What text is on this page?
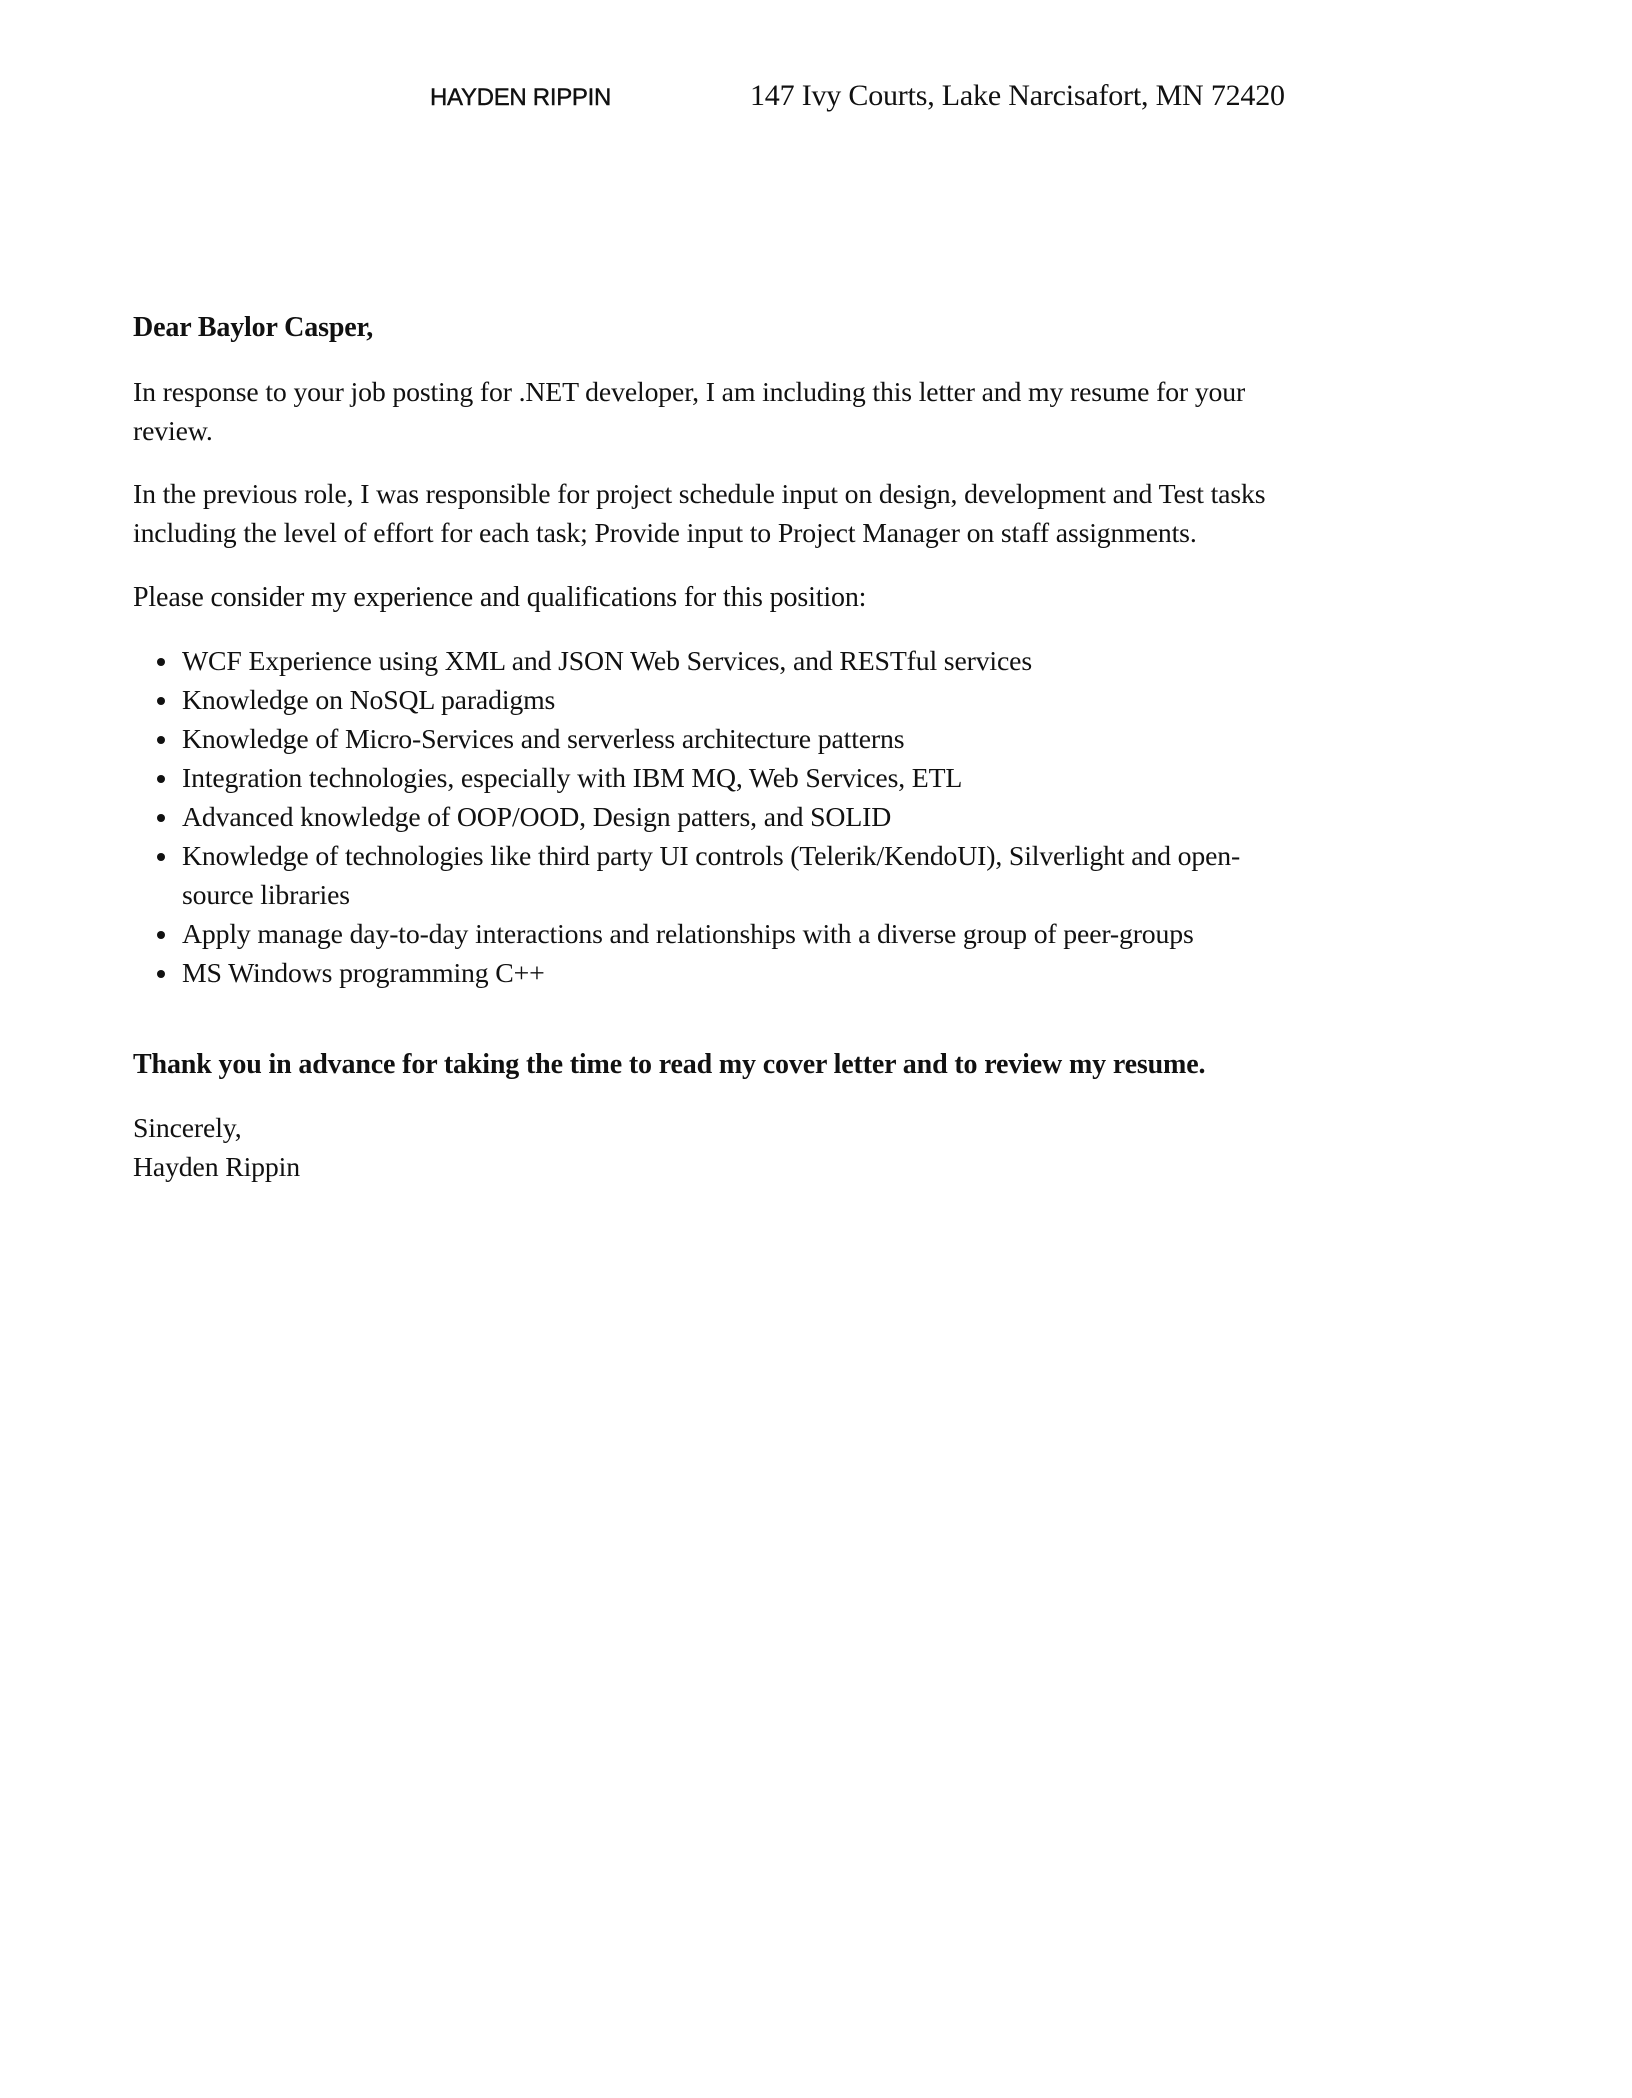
HAYDEN RIPPIN	147 Ivy Courts, Lake Narcisafort, MN 72420
Dear Baylor Casper,
In response to your job posting for .NET developer, I am including this letter and my resume for your
review.
In the previous role, I was responsible for project schedule input on design, development and Test tasks
including the level of effort for each task; Provide input to Project Manager on staff assignments.
Please consider my experience and qualifications for this position:
WCF Experience using XML and JSON Web Services, and RESTful services
Knowledge on NoSQL paradigms
Knowledge of Micro-Services and serverless architecture patterns
Integration technologies, especially with IBM MQ, Web Services, ETL
Advanced knowledge of OOP/OOD, Design patters, and SOLID
Knowledge of technologies like third party UI controls (Telerik/KendoUI), Silverlight and open-
source libraries
Apply manage day-to-day interactions and relationships with a diverse group of peer-groups
MS Windows programming C++
Thank you in advance for taking the time to read my cover letter and to review my resume.
Sincerely,
Hayden Rippin
